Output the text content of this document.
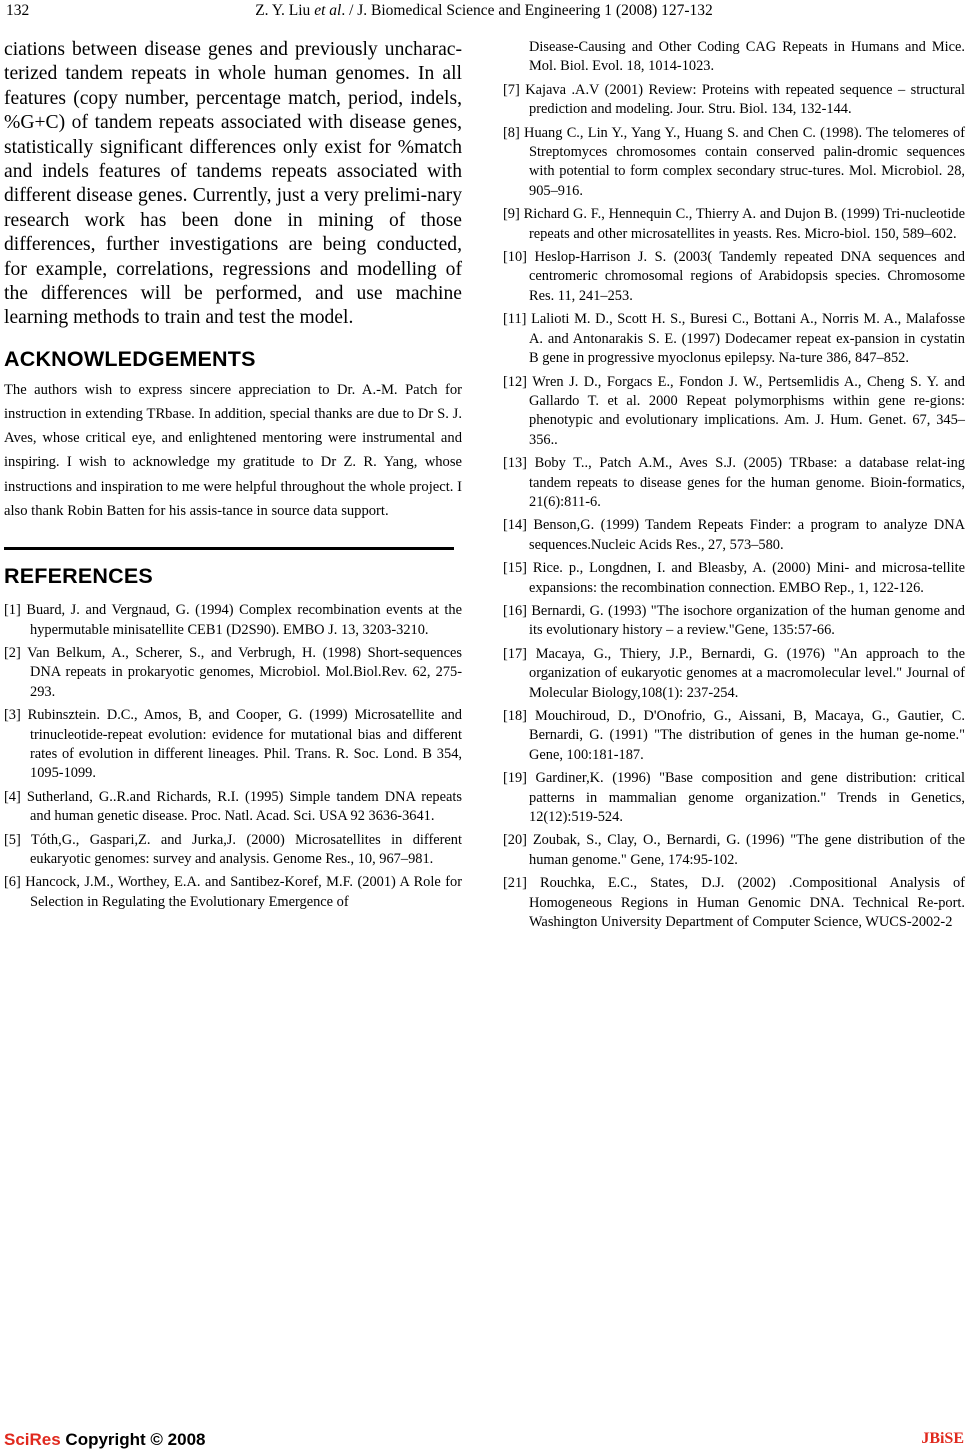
132	Z. Y. Liu et al. / J. Biomedical Science and Engineering 1 (2008) 127-132

ciations between disease genes and previously uncharac-terized tandem repeats in whole human genomes. In all features (copy number, percentage match, period, indels, %G+C) of tandem repeats associated with disease genes, statistically significant differences only exist for %match and indels features of tandems repeats associated with different disease genes. Currently, just a very prelimi-nary research work has been done in mining of those differences, further investigations are being conducted, for example, correlations, regressions and modelling of the differences will be performed, and use machine learning methods to train and test the model.

ACKNOWLEDGEMENTS

The authors wish to express sincere appreciation to Dr. A.-M. Patch for instruction in extending TRbase. In addition, special thanks are due to Dr S. J. Aves, whose critical eye, and enlightened mentoring were instrumental and inspiring. I wish to acknowledge my gratitude to Dr Z. R. Yang, whose instructions and inspiration to me were helpful throughout the whole project. I also thank Robin Batten for his assis-tance in source data support.

REFERENCES
[1] Buard, J. and Vergnaud, G. (1994) Complex recombination events at the hypermutable minisatellite CEB1 (D2S90). EMBO J. 13, 3203-3210.
[2] Van Belkum, A., Scherer, S., and Verbrugh, H. (1998) Short-sequences DNA repeats in prokaryotic genomes, Microbiol. Mol.Biol.Rev. 62, 275-293.
[3] Rubinsztein. D.C., Amos, B, and Cooper, G. (1999) Microsatellite and trinucleotide-repeat evolution: evidence for mutational bias and different rates of evolution in different lineages. Phil. Trans. R. Soc. Lond. B 354, 1095-1099.
[4] Sutherland, G..R.and Richards, R.I. (1995) Simple tandem DNA repeats and human genetic disease. Proc. Natl. Acad. Sci. USA 92 3636-3641.
[5] Tóth,G., Gaspari,Z. and Jurka,J. (2000) Microsatellites in different eukaryotic genomes: survey and analysis. Genome Res., 10, 967–981.
[6] Hancock, J.M., Worthey, E.A. and Santibez-Koref, M.F. (2001) A Role for Selection in Regulating the Evolutionary Emergence of
Disease-Causing and Other Coding CAG Repeats in Humans and Mice. Mol. Biol. Evol. 18, 1014-1023.
[7] Kajava .A.V (2001) Review: Proteins with repeated sequence – structural prediction and modeling. Jour. Stru. Biol. 134, 132-144.
[8] Huang C., Lin Y., Yang Y., Huang S. and Chen C. (1998). The telomeres of Streptomyces chromosomes contain conserved palin-dromic sequences with potential to form complex secondary struc-tures. Mol. Microbiol. 28, 905–916.
[9] Richard G. F., Hennequin C., Thierry A. and Dujon B. (1999) Tri-nucleotide repeats and other microsatellites in yeasts. Res. Micro-biol. 150, 589–602.
[10] Heslop-Harrison J. S. (2003( Tandemly repeated DNA sequences and centromeric chromosomal regions of Arabidopsis species. Chromosome Res. 11, 241–253.
[11] Lalioti M. D., Scott H. S., Buresi C., Bottani A., Norris M. A., Malafosse A. and Antonarakis S. E. (1997) Dodecamer repeat ex-pansion in cystatin B gene in progressive myoclonus epilepsy. Na-ture 386, 847–852.
[12] Wren J. D., Forgacs E., Fondon J. W., Pertsemlidis A., Cheng S. Y. and Gallardo T. et al. 2000 Repeat polymorphisms within gene re-gions: phenotypic and evolutionary implications. Am. J. Hum. Genet. 67, 345–356..
[13] Boby T.., Patch A.M., Aves S.J. (2005) TRbase: a database relat-ing tandem repeats to disease genes for the human genome. Bioin-formatics, 21(6):811-6.
[14] Benson,G. (1999) Tandem Repeats Finder: a program to analyze DNA sequences.Nucleic Acids Res., 27, 573–580.
[15] Rice. p., Longdnen, I. and Bleasby, A. (2000) Mini- and microsa-tellite expansions: the recombination connection. EMBO Rep., 1, 122-126.
[16] Bernardi, G. (1993) "The isochore organization of the human genome and its evolutionary history – a review."Gene, 135:57-66.
[17] Macaya, G., Thiery, J.P., Bernardi, G. (1976) "An approach to the organization of eukaryotic genomes at a macromolecular level." Journal of Molecular Biology,108(1): 237-254.
[18] Mouchiroud, D., D'Onofrio, G., Aissani, B, Macaya, G., Gautier, C. Bernardi, G. (1991) "The distribution of genes in the human ge-nome." Gene, 100:181-187.
[19] Gardiner,K. (1996) "Base composition and gene distribution: critical patterns in mammalian genome organization." Trends in Genetics, 12(12):519-524.
[20] Zoubak, S., Clay, O., Bernardi, G. (1996) "The gene distribution of the human genome." Gene, 174:95-102.
[21] Rouchka, E.C., States, D.J. (2002) .Compositional Analysis of Homogeneous Regions in Human Genomic DNA. Technical Re-port. Washington University Department of Computer Science, WUCS-2002-2
SciRes Copyright © 2008	JBiSE
